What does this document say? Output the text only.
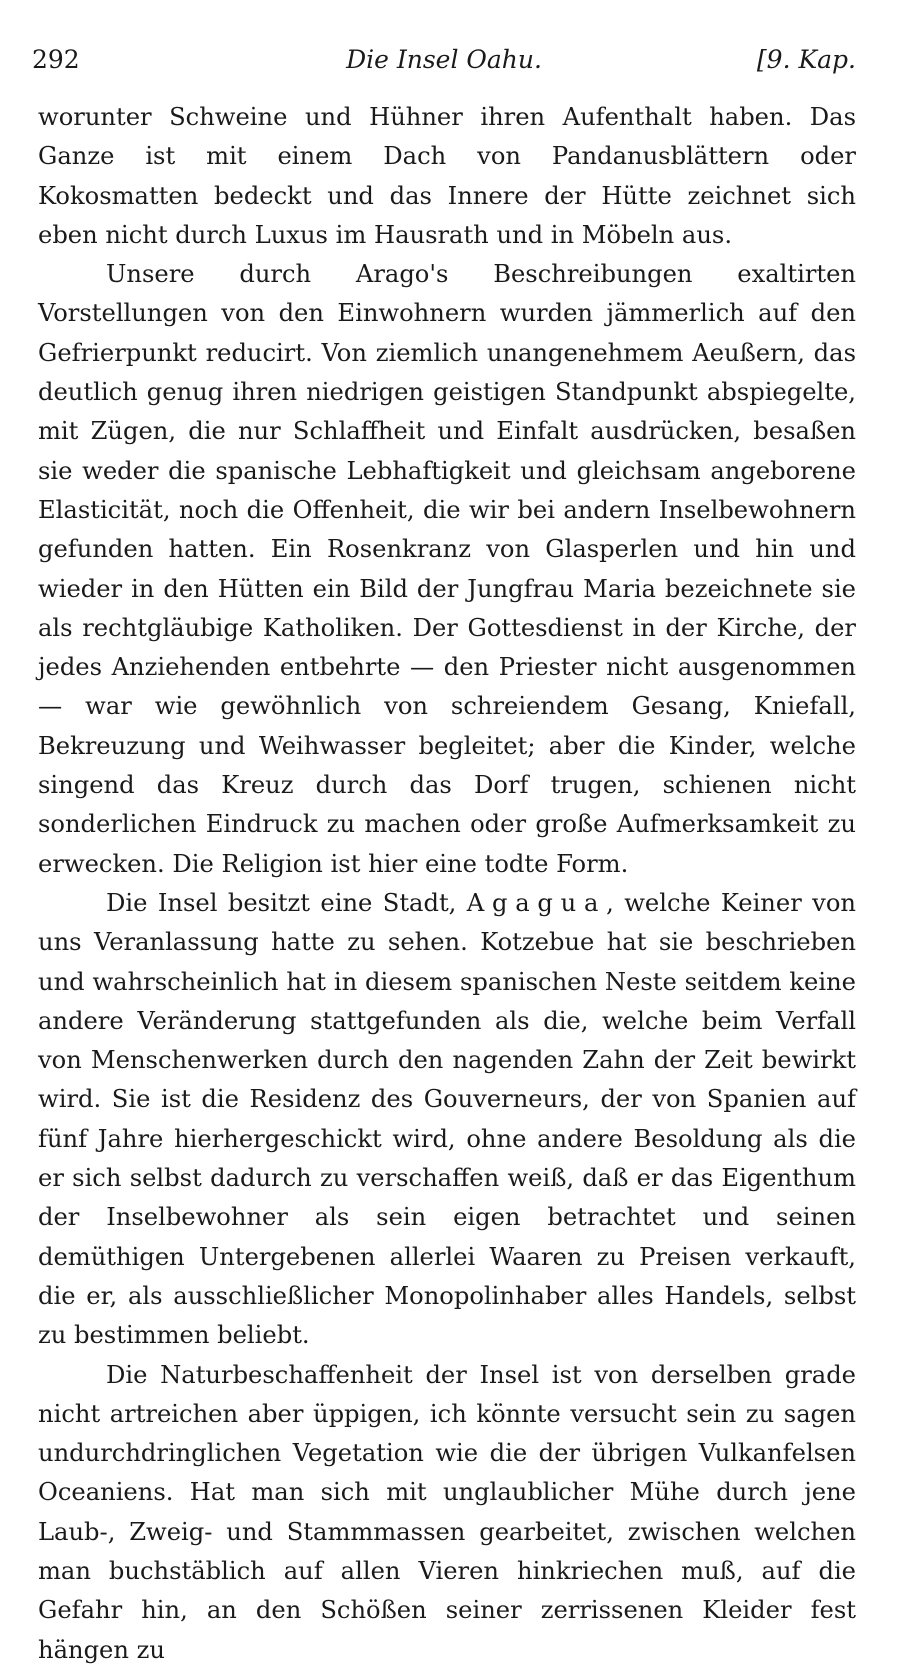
292	Die Insel Oahu.	[9. Kap.

worunter Schweine und Hühner ihren Aufenthalt haben. Das Ganze ist mit einem Dach von Pandanusblättern oder Kokosmatten bedeckt und das Innere der Hütte zeichnet sich eben nicht durch Luxus im Hausrath und in Möbeln aus.

Unsere durch Arago's Beschreibungen exaltirten Vorstellungen von den Einwohnern wurden jämmerlich auf den Gefrierpunkt reducirt. Von ziemlich unangenehmem Aeußern, das deutlich genug ihren niedrigen geistigen Standpunkt abspiegelte, mit Zügen, die nur Schlaffheit und Einfalt ausdrücken, besaßen sie weder die spanische Lebhaftigkeit und gleichsam angeborene Elasticität, noch die Offenheit, die wir bei andern Inselbewohnern gefunden hatten. Ein Rosenkranz von Glasperlen und hin und wieder in den Hütten ein Bild der Jungfrau Maria bezeichnete sie als rechtgläubige Katholiken. Der Gottesdienst in der Kirche, der jedes Anziehenden entbehrte — den Priester nicht ausgenommen — war wie gewöhnlich von schreiendem Gesang, Kniefall, Bekreuzung und Weihwasser begleitet; aber die Kinder, welche singend das Kreuz durch das Dorf trugen, schienen nicht sonderlichen Eindruck zu machen oder große Aufmerksamkeit zu erwecken. Die Religion ist hier eine todte Form.

Die Insel besitzt eine Stadt, Agagua, welche Keiner von uns Veranlassung hatte zu sehen. Kotzebue hat sie beschrieben und wahrscheinlich hat in diesem spanischen Neste seitdem keine andere Veränderung stattgefunden als die, welche beim Verfall von Menschenwerken durch den nagenden Zahn der Zeit bewirkt wird. Sie ist die Residenz des Gouverneurs, der von Spanien auf fünf Jahre hierhergeschickt wird, ohne andere Besoldung als die er sich selbst dadurch zu verschaffen weiß, daß er das Eigenthum der Inselbewohner als sein eigen betrachtet und seinen demüthigen Untergebenen allerlei Waaren zu Preisen verkauft, die er, als ausschließlicher Monopolinhaber alles Handels, selbst zu bestimmen beliebt.

Die Naturbeschaffenheit der Insel ist von derselben grade nicht artreichen aber üppigen, ich könnte versucht sein zu sagen undurchdringlichen Vegetation wie die der übrigen Vulkanfelsen Oceaniens. Hat man sich mit unglaublicher Mühe durch jene Laub-, Zweig- und Stammmassen gearbeitet, zwischen welchen man buchstäblich auf allen Vieren hinkriechen muß, auf die Gefahr hin, an den Schößen seiner zerrissenen Kleider fest hängen zu
